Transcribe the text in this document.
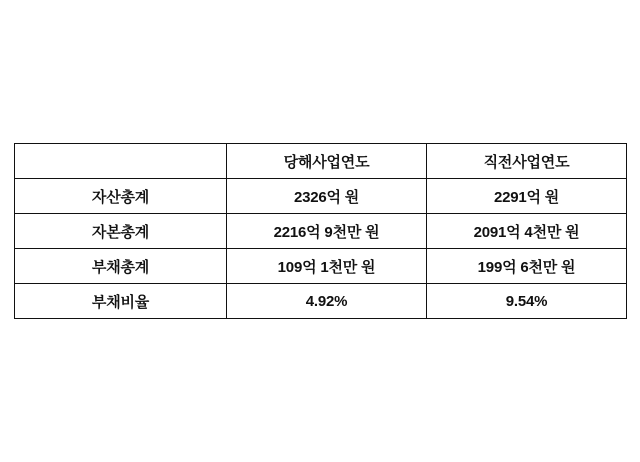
	당해사업연도	직전사업연도
자산총계	2326억 원	2291억 원
자본총계	2216억 9천만 원	2091억 4천만 원
부채총계	109억 1천만 원	199억 6천만 원
부채비율	4.92%	9.54%
